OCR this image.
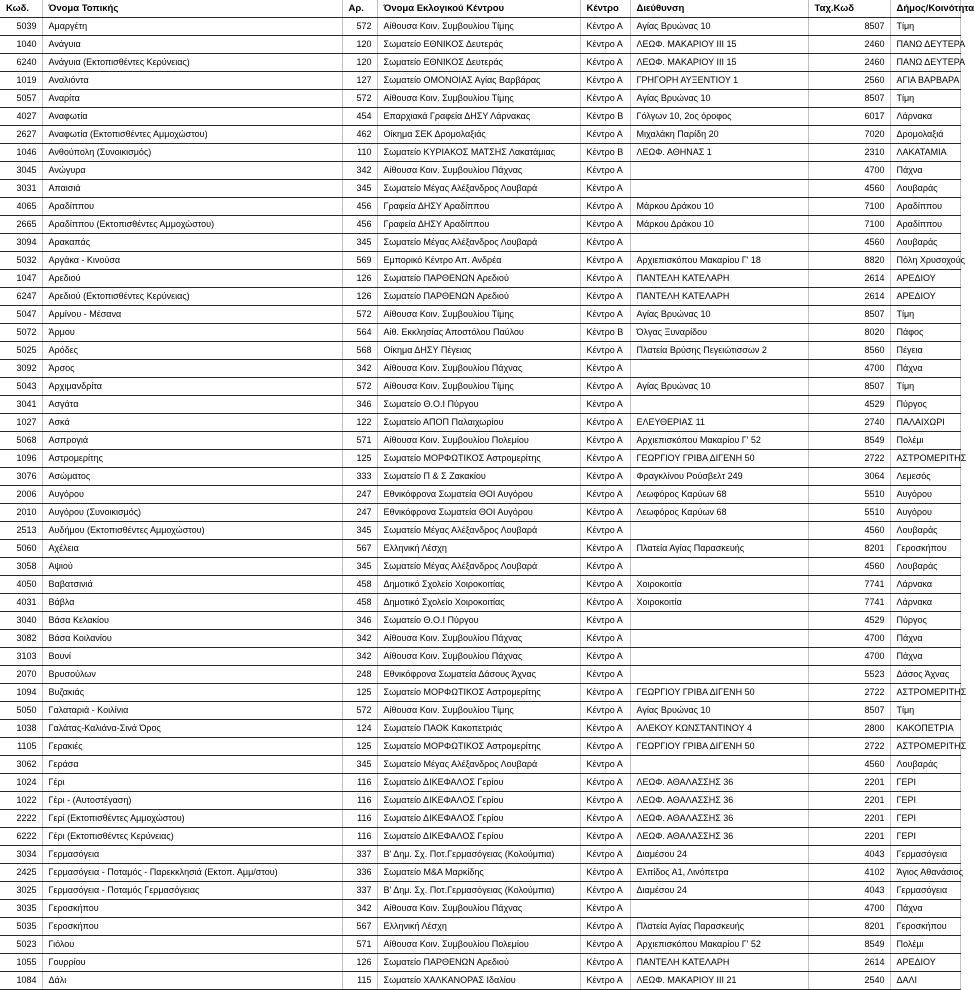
Κωδ.	Όνομα Τοπικής	Αρ.	Όνομα Εκλογικού Κέντρου	Κέντρο	Διεύθυνση	Ταχ.Κωδ	Δήμος/Κοινότητα
5039	Αμαργέτη	572	Αίθουσα Κοιν. Συμβουλίου Τίμης	Κέντρο Α	Αγίας Βρυώνας 10	8507	Τίμη
1040	Ανάγυια	120	Σωματείο ΕΘΝΙΚΟΣ Δευτεράς	Κέντρο Α	ΛΕΩΦ. ΜΑΚΑΡΙΟΥ ΙΙΙ 15	2460	ΠΑΝΩ ΔΕΥΤΕΡΑ
6240	Ανάγυια (Εκτοπισθέντες Κερύνειας)	120	Σωματείο ΕΘΝΙΚΟΣ Δευτεράς	Κέντρο Α	ΛΕΩΦ. ΜΑΚΑΡΙΟΥ ΙΙΙ 15	2460	ΠΑΝΩ ΔΕΥΤΕΡΑ
1019	Αναλιόντα	127	Σωματείο ΟΜΟΝΟΙΑΣ Αγίας Βαρβάρας	Κέντρο Α	ΓΡΗΓΟΡΗ ΑΥΞΕΝΤΙΟΥ 1	2560	ΑΓΙΑ ΒΑΡΒΑΡΑ
5057	Αναρίτα	572	Αίθουσα Κοιν. Συμβουλίου Τίμης	Κέντρο Α	Αγίας Βρυώνας 10	8507	Τίμη
4027	Αναφωτία	454	Επαρχιακά Γραφεία ΔΗΣΥ Λάρνακας	Κέντρο Β	Γόλγων 10, 2ος όροφος	6017	Λάρνακα
2627	Αναφωτία (Εκτοπισθέντες Αμμοχώστου)	462	Οίκημα ΣΕΚ Δρομολαξιάς	Κέντρο Α	Μιχαλάκη Παρίδη 20	7020	Δρομολαξιά
1046	Ανθούπολη (Συνοικισμός)	110	Σωματείο ΚΥΡΙΑΚΟΣ ΜΑΤΣΗΣ Λακατάμιας	Κέντρο Β	ΛΕΩΦ. ΑΘΗΝΑΣ 1	2310	ΛΑΚΑΤΑΜΙΑ
3045	Ανώγυρα	342	Αίθουσα Κοιν. Συμβουλίου Πάχνας	Κέντρο Α		4700	Πάχνα
3031	Απαισιά	345	Σωματείο Μέγας Αλέξανδρος Λουβαρά	Κέντρο Α		4560	Λουβαράς
4065	Αραδίππου	456	Γραφεία ΔΗΣΥ Αραδίππου	Κέντρο Α	Μάρκου Δράκου 10	7100	Αραδίππου
2665	Αραδίππου (Εκτοπισθέντες Αμμοχώστου)	456	Γραφεία ΔΗΣΥ Αραδίππου	Κέντρο Α	Μάρκου Δράκου 10	7100	Αραδίππου
3094	Αρακαπάς	345	Σωματείο Μέγας Αλέξανδρος Λουβαρά	Κέντρο Α		4560	Λουβαράς
5032	Αργάκα - Κινούσα	569	Εμπορικό Κέντρο Απ. Ανδρέα	Κέντρο Α	Αρχιεπισκόπου Μακαρίου Γ' 18	8820	Πόλη Χρυσοχούς
1047	Αρεδιού	126	Σωματείο ΠΑΡΘΕΝΩΝ Αρεδιού	Κέντρο Α	ΠΑΝΤΕΛΗ ΚΑΤΕΛΑΡΗ	2614	ΑΡΕΔΙΟΥ
6247	Αρεδιού (Εκτοπισθέντες Κερύνειας)	126	Σωματείο ΠΑΡΘΕΝΩΝ Αρεδιού	Κέντρο Α	ΠΑΝΤΕΛΗ ΚΑΤΕΛΑΡΗ	2614	ΑΡΕΔΙΟΥ
5047	Αρμίνου - Μέσανα	572	Αίθουσα Κοιν. Συμβουλίου Τίμης	Κέντρο Α	Αγίας Βρυώνας 10	8507	Τίμη
5072	Άρμου	564	Αίθ. Εκκλησίας Αποστόλου Παύλου	Κέντρο Β	Όλγας Ξυναρίδου	8020	Πάφος
5025	Αρόδες	568	Οίκημα ΔΗΣΥ Πέγειας	Κέντρο Α	Πλατεία Βρύσης Πεγειώτισσων 2	8560	Πέγεια
3092	Άρσος	342	Αίθουσα Κοιν. Συμβουλίου Πάχνας	Κέντρο Α		4700	Πάχνα
5043	Αρχιμανδρίτα	572	Αίθουσα Κοιν. Συμβουλίου Τίμης	Κέντρο Α	Αγίας Βρυώνας 10	8507	Τίμη
3041	Ασγάτα	346	Σωματείο Θ.Ο.Ι Πύργου	Κέντρο Α		4529	Πύργος
1027	Ασκά	122	Σωματείο ΑΠΟΠ Παλαιχωρίου	Κέντρο Α	ΕΛΕΥΘΕΡΙΑΣ 11	2740	ΠΑΛΑΙΧΩΡΙ
5068	Ασπρογιά	571	Αίθουσα Κοιν. Συμβουλίου Πολεμίου	Κέντρο Α	Αρχιεπισκόπου Μακαρίου Γ' 52	8549	Πολέμι
1096	Αστρομερίτης	125	Σωματείο ΜΟΡΦΩΤΙΚΟΣ Αστρομερίτης	Κέντρο Α	ΓΕΩΡΓΙΟΥ ΓΡΙΒΑ ΔΙΓΕΝΗ 50	2722	ΑΣΤΡΟΜΕΡΙΤΗΣ
3076	Ασώματος	333	Σωματείο Π & Σ Ζακακίου	Κέντρο Α	Φραγκλίνου Ρούσβελτ 249	3064	Λεμεσός
2006	Αυγόρου	247	Εθνικόφρονα Σωματεία ΘΟΙ Αυγόρου	Κέντρο Α	Λεωφόρος Καρύων 68	5510	Αυγόρου
2010	Αυγόρου (Συνοικισμός)	247	Εθνικόφρονα Σωματεία ΘΟΙ Αυγόρου	Κέντρο Α	Λεωφόρος Καρύων 68	5510	Αυγόρου
2513	Αυδήμου (Εκτοπισθέντες Αμμοχώστου)	345	Σωματείο Μέγας Αλέξανδρος Λουβαρά	Κέντρο Α		4560	Λουβαράς
5060	Αχέλεια	567	Ελληνική Λέσχη	Κέντρο Α	Πλατεία Αγίας Παρασκευής	8201	Γεροσκήπου
3058	Αψιού	345	Σωματείο Μέγας Αλέξανδρος Λουβαρά	Κέντρο Α		4560	Λουβαράς
4050	Βαβατσινιά	458	Δημοτικό Σχολείο Χοιροκοιτίας	Κέντρο Α	Χοιροκοιτία	7741	Λάρνακα
4031	Βάβλα	458	Δημοτικό Σχολείο Χοιροκοιτίας	Κέντρο Α	Χοιροκοιτία	7741	Λάρνακα
3040	Βάσα Κελακίου	346	Σωματείο Θ.Ο.Ι Πύργου	Κέντρο Α		4529	Πύργος
3082	Βάσα Κοιλανίου	342	Αίθουσα Κοιν. Συμβουλίου Πάχνας	Κέντρο Α		4700	Πάχνα
3103	Βουνί	342	Αίθουσα Κοιν. Συμβουλίου Πάχνας	Κέντρο Α		4700	Πάχνα
2070	Βρυσούλων	248	Εθνικόφρονα Σωματεία Δάσους Άχνας	Κέντρο Α		5523	Δάσος Άχνας
1094	Βυζακιάς	125	Σωματείο ΜΟΡΦΩΤΙΚΟΣ Αστρομερίτης	Κέντρο Α	ΓΕΩΡΓΙΟΥ ΓΡΙΒΑ ΔΙΓΕΝΗ 50	2722	ΑΣΤΡΟΜΕΡΙΤΗΣ
5050	Γαλαταριά - Κοιλίνια	572	Αίθουσα Κοιν. Συμβουλίου Τίμης	Κέντρο Α	Αγίας Βρυώνας 10	8507	Τίμη
1038	Γαλάτας-Καλιάνα-Σινά Όρος	124	Σωματείο ΠΑΟΚ Κακοπετριάς	Κέντρο Α	ΑΛΕΚΟΥ ΚΩΝΣΤΑΝΤΙΝΟΥ 4	2800	ΚΑΚΟΠΕΤΡΙΑ
1105	Γερακιές	125	Σωματείο ΜΟΡΦΩΤΙΚΟΣ Αστρομερίτης	Κέντρο Α	ΓΕΩΡΓΙΟΥ ΓΡΙΒΑ ΔΙΓΕΝΗ 50	2722	ΑΣΤΡΟΜΕΡΙΤΗΣ
3062	Γεράσα	345	Σωματείο Μέγας Αλέξανδρος Λουβαρά	Κέντρο Α		4560	Λουβαράς
1024	Γέρι	116	Σωματείο ΔΙΚΕΦΑΛΟΣ Γερίου	Κέντρο Α	ΛΕΩΦ. ΑΘΑΛΑΣΣΗΣ 36	2201	ΓΕΡΙ
1022	Γέρι - (Αυτοστέγαση)	116	Σωματείο ΔΙΚΕΦΑΛΟΣ Γερίου	Κέντρο Α	ΛΕΩΦ. ΑΘΑΛΑΣΣΗΣ 36	2201	ΓΕΡΙ
2222	Γερί (Εκτοπισθέντες Αμμοχώστου)	116	Σωματείο ΔΙΚΕΦΑΛΟΣ Γερίου	Κέντρο Α	ΛΕΩΦ. ΑΘΑΛΑΣΣΗΣ 36	2201	ΓΕΡΙ
6222	Γέρι (Εκτοπισθέντες Κερύνειας)	116	Σωματείο ΔΙΚΕΦΑΛΟΣ Γερίου	Κέντρο Α	ΛΕΩΦ. ΑΘΑΛΑΣΣΗΣ 36	2201	ΓΕΡΙ
3034	Γερμασόγεια	337	Β' Δημ. Σχ. Ποτ.Γερμασόγειας (Κολούμπια)	Κέντρο Α	Διαμέσου 24	4043	Γερμασόγεια
2425	Γερμασόγεια - Ποταμός - Παρεκκλησιά (Εκτοπ. Αμμ/στου)	336	Σωματείο Μ&Α Μαρκίδης	Κέντρο Α	Ελπίδος Α1, Λινόπετρα	4102	Άγιος Αθανάσιος
3025	Γερμασόγεια - Ποταμός Γερμασόγειας	337	Β' Δημ. Σχ. Ποτ.Γερμασόγειας (Κολούμπια)	Κέντρο Α	Διαμέσου 24	4043	Γερμασόγεια
3035	Γεροσκήπου	342	Αίθουσα Κοιν. Συμβουλίου Πάχνας	Κέντρο Α		4700	Πάχνα
5035	Γεροσκήπου	567	Ελληνική Λέσχη	Κέντρο Α	Πλατεία Αγίας Παρασκευής	8201	Γεροσκήπου
5023	Γιόλου	571	Αίθουσα Κοιν. Συμβουλίου Πολεμίου	Κέντρο Α	Αρχιεπισκόπου Μακαρίου Γ' 52	8549	Πολέμι
1055	Γουρρίου	126	Σωματείο ΠΑΡΘΕΝΩΝ Αρεδιού	Κέντρο Α	ΠΑΝΤΕΛΗ ΚΑΤΕΛΑΡΗ	2614	ΑΡΕΔΙΟΥ
1084	Δάλι	115	Σωματείο ΧΑΛΚΑΝΟΡΑΣ Ιδαλίου	Κέντρο Α	ΛΕΩΦ. ΜΑΚΑΡΙΟΥ ΙΙΙ 21	2540	ΔΑΛΙ
